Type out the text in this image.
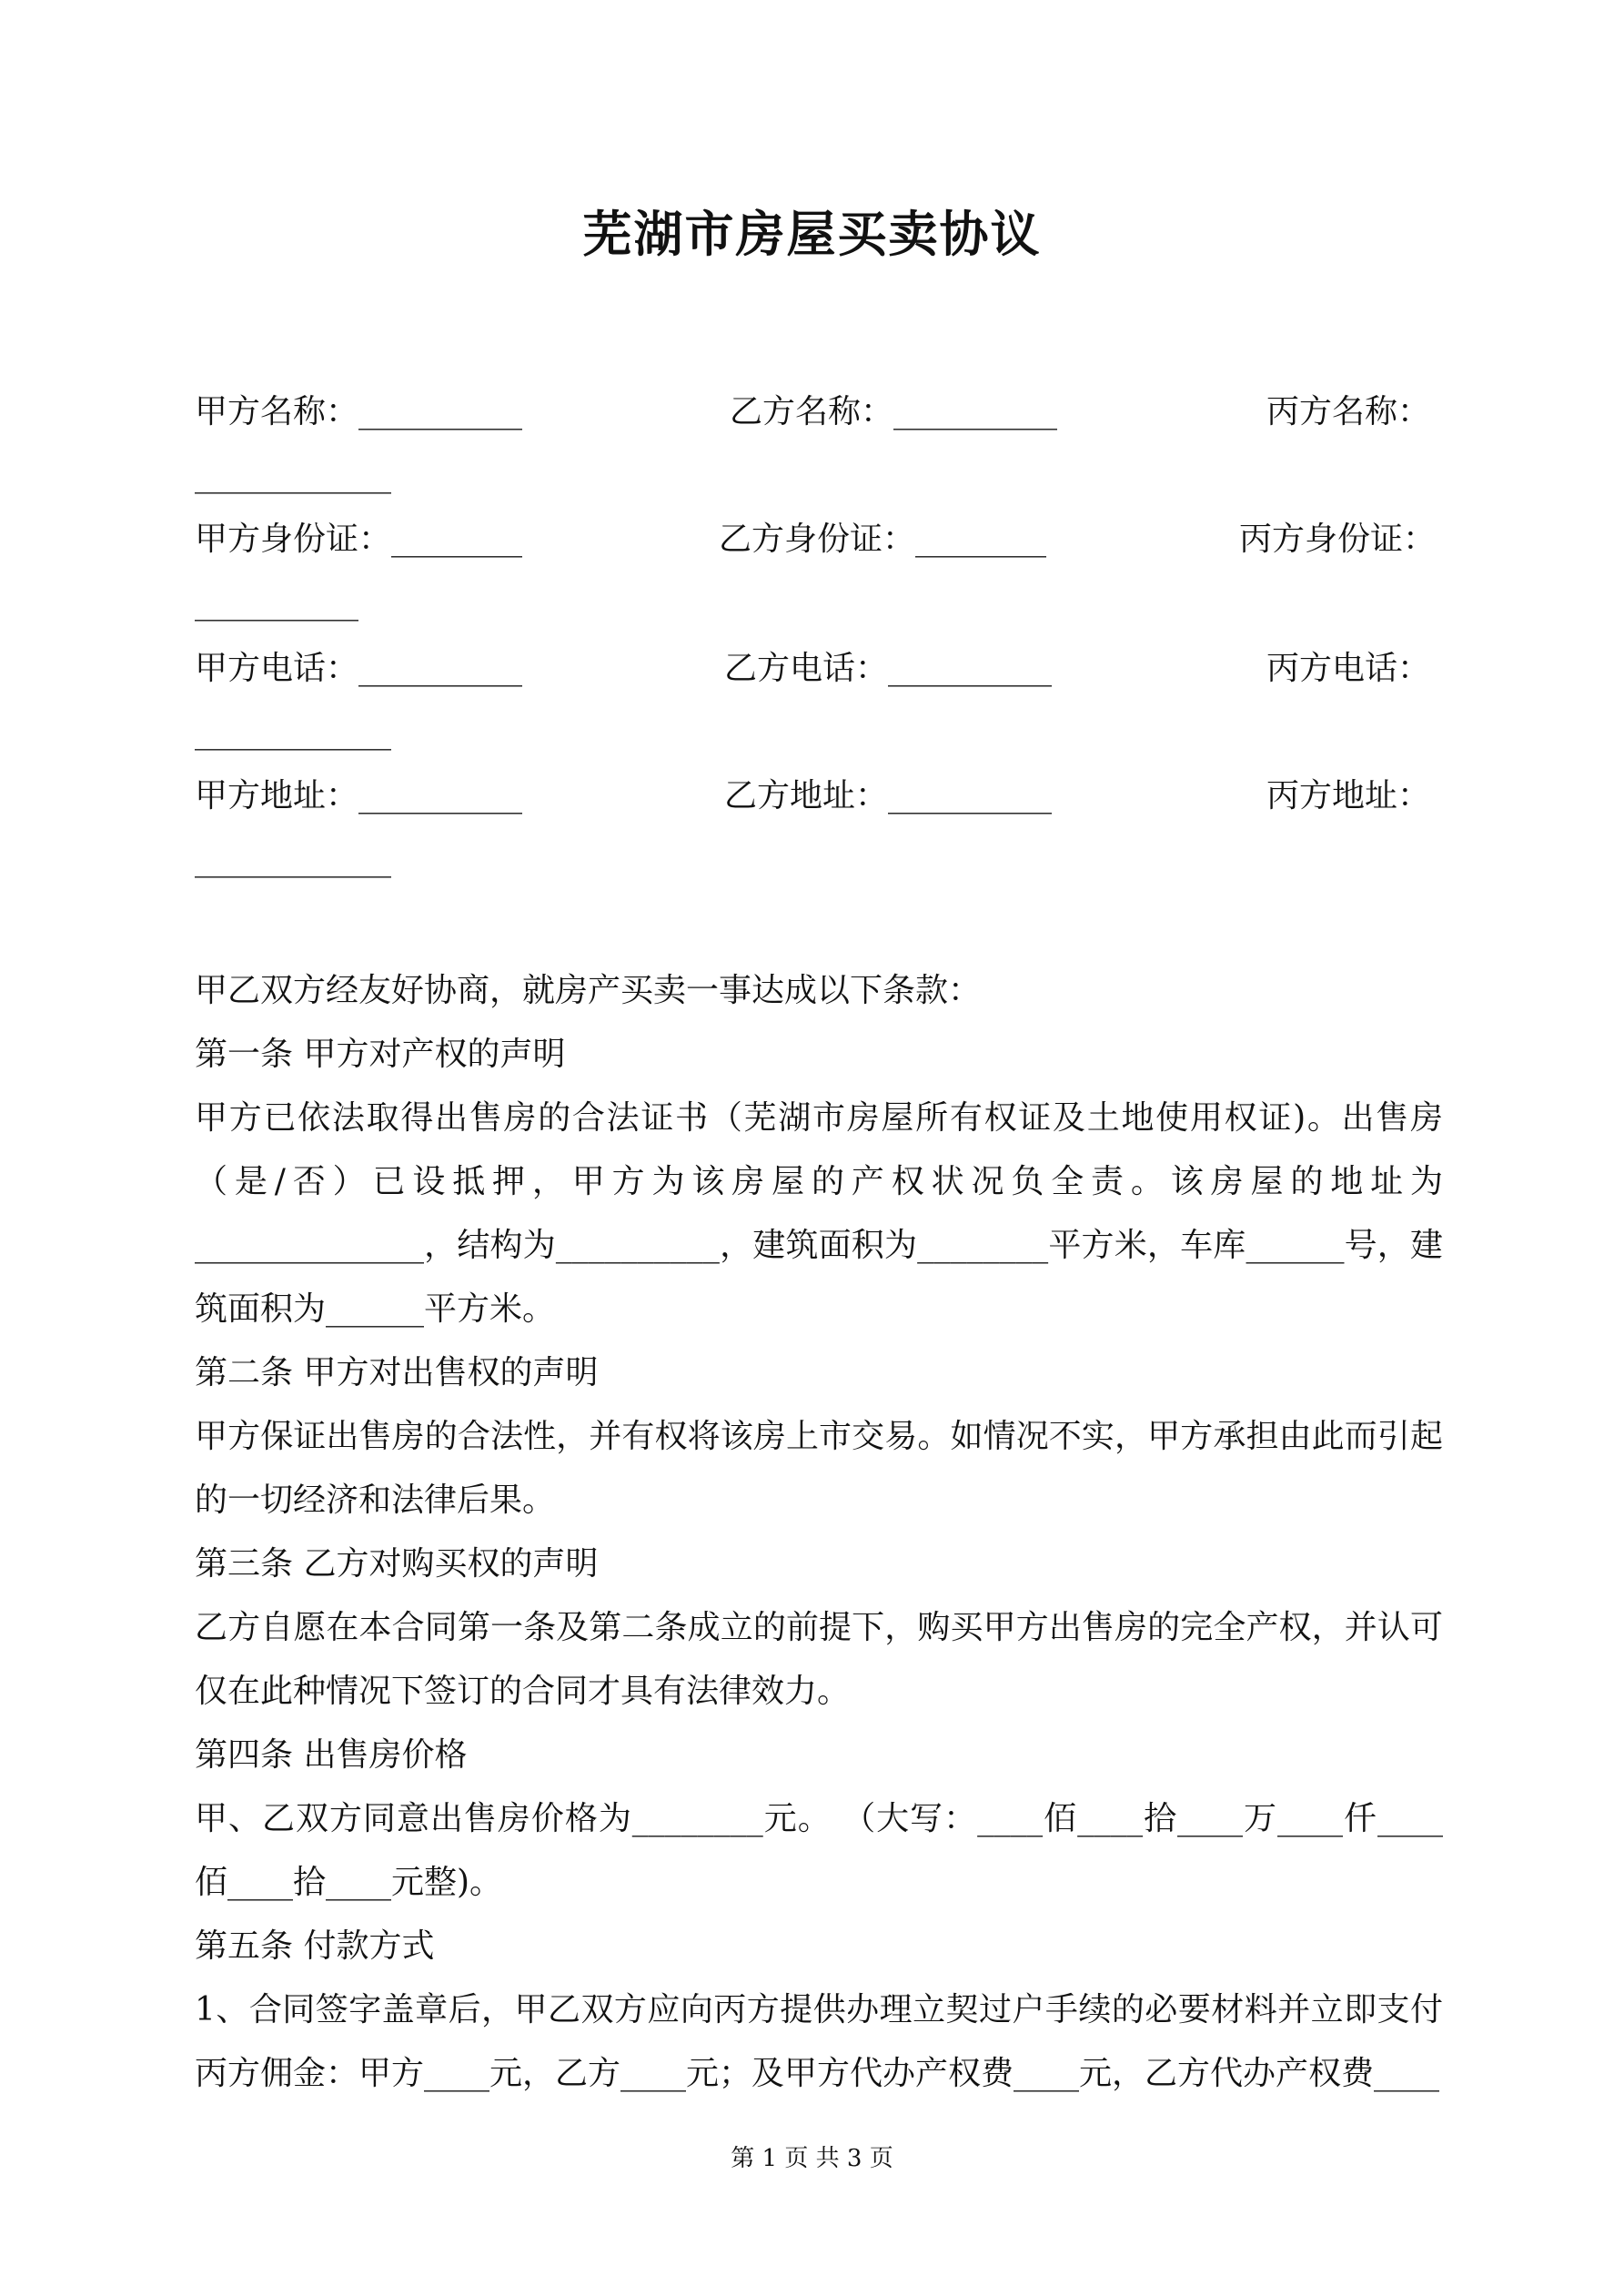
芜湖市房屋买卖协议
甲方名称：__________	乙方名称：__________	丙方名称：
____________
甲方身份证：________	乙方身份证：________	丙方身份证：
__________
甲方电话：__________	乙方电话：__________	丙方电话：
____________
甲方地址：__________	乙方地址：__________	丙方地址：
____________

甲乙双方经友好协商，就房产买卖一事达成以下条款：

第一条 甲方对产权的声明

甲方已依法取得出售房的合法证书（芜湖市房屋所有权证及土地使用权证)。出售房（是/否）已设抵押，甲方为该房屋的产权状况负全责。该房屋的地址为______________，结构为__________，建筑面积为________平方米，车库______号，建筑面积为______平方米。

第二条 甲方对出售权的声明

甲方保证出售房的合法性，并有权将该房上市交易。如情况不实，甲方承担由此而引起的一切经济和法律后果。

第三条 乙方对购买权的声明

乙方自愿在本合同第一条及第二条成立的前提下，购买甲方出售房的完全产权，并认可仅在此种情况下签订的合同才具有法律效力。

第四条 出售房价格

甲、乙双方同意出售房价格为________元。 （大写：____佰____拾____万____仟____佰____拾____元整)。

第五条 付款方式

1、合同签字盖章后，甲乙双方应向丙方提供办理立契过户手续的必要材料并立即支付丙方佣金：甲方____元，乙方____元；及甲方代办产权费____元，乙方代办产权费____

第 1 页 共 3 页
